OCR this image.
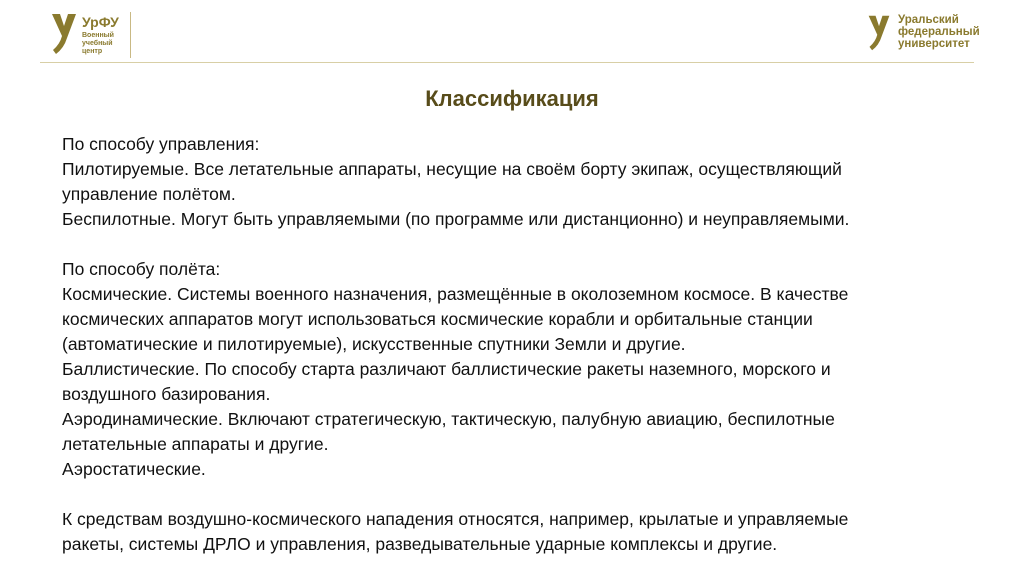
УрФУ
Военный
учебный
центр
Уральский
федеральный
университет
Классификация

По способу управления:

Пилотируемые. Все летательные аппараты, несущие на своём борту экипаж, осуществляющий

управление полётом.

Беспилотные. Могут быть управляемыми (по программе или дистанционно) и неуправляемыми.

По способу полёта:

Космические. Системы военного назначения, размещённые в околоземном космосе. В качестве

космических аппаратов могут использоваться космические корабли и орбитальные станции

(автоматические и пилотируемые), искусственные спутники Земли и другие.

Баллистические. По способу старта различают баллистические ракеты наземного, морского и

воздушного базирования.

Аэродинамические. Включают стратегическую, тактическую, палубную авиацию, беспилотные

летательные аппараты и другие.

Аэростатические.

К средствам воздушно-космического нападения относятся, например, крылатые и управляемые

ракеты, системы ДРЛО и управления, разведывательные ударные комплексы и другие.
